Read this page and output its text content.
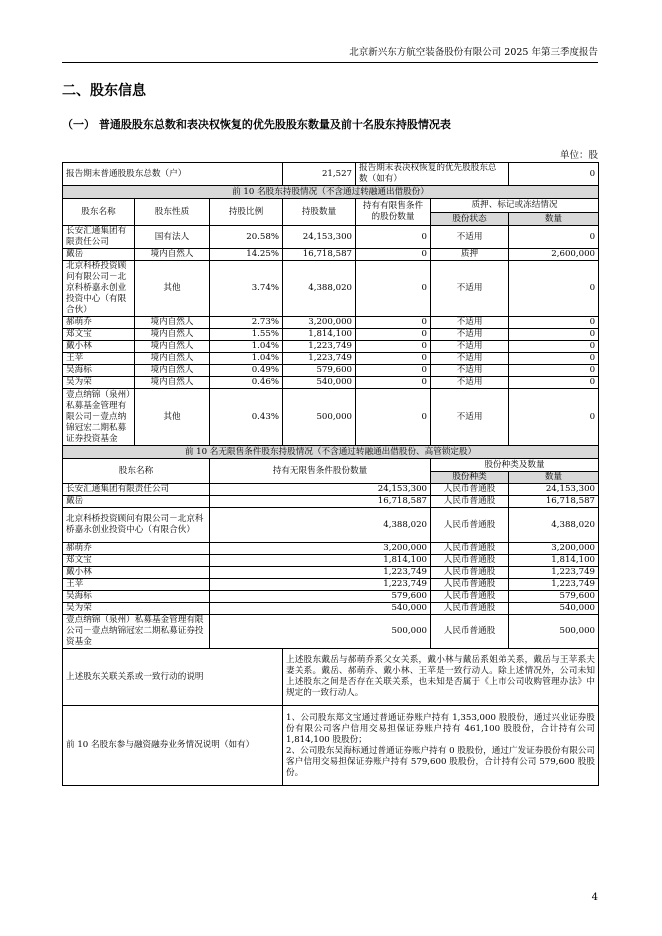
北京新兴东方航空装备股份有限公司 2025 年第三季度报告
二、股东信息
（一） 普通股股东总数和表决权恢复的优先股股东数量及前十名股东持股情况表
单位：股
报告期末普通股股东总数（户）			21,527	报告期末表决权恢复的优先股股东总数（如有）		0
前 10 名股东持股情况（不含通过转融通出借股份）						
股东名称	股东性质	持股比例	持股数量	持有有限售条件的股份数量	质押、标记或冻结情况	
					股份状态	数量
长安汇通集团有限责任公司	国有法人	20.58%	24,153,300	0	不适用	0
戴岳	境内自然人	14.25%	16,718,587	0	质押	2,600,000
北京科桥投资顾问有限公司－北京科桥嘉永创业投资中心（有限合伙）	其他	3.74%	4,388,020	0	不适用	0
郝萌乔	境内自然人	2.73%	3,200,000	0	不适用	0
郑文宝	境内自然人	1.55%	1,814,100	0	不适用	0
戴小林	境内自然人	1.04%	1,223,749	0	不适用	0
王苹	境内自然人	1.04%	1,223,749	0	不适用	0
吴海标	境内自然人	0.49%	579,600	0	不适用	0
吴为荣	境内自然人	0.46%	540,000	0	不适用	0
壹点纳锦（泉州）私募基金管理有限公司－壹点纳锦冠宏二期私募证券投资基金	其他	0.43%	500,000	0	不适用	0
前 10 名无限售条件股东持股情况（不含通过转融通出借股份、高管锁定股）						
股东名称		持有无限售条件股份数量			股份种类及数量	
					股份种类	数量
长安汇通集团有限责任公司		24,153,300			人民币普通股	24,153,300
戴岳		16,718,587			人民币普通股	16,718,587
北京科桥投资顾问有限公司－北京科桥嘉永创业投资中心（有限合伙）		4,388,020			人民币普通股	4,388,020
郝萌乔		3,200,000			人民币普通股	3,200,000
郑文宝		1,814,100			人民币普通股	1,814,100
戴小林		1,223,749			人民币普通股	1,223,749
王苹		1,223,749			人民币普通股	1,223,749
吴海标		579,600			人民币普通股	579,600
吴为荣		540,000			人民币普通股	540,000
壹点纳锦（泉州）私募基金管理有限公司－壹点纳锦冠宏二期私募证券投资基金		500,000			人民币普通股	500,000
上述股东关联关系或一致行动的说明			上述股东戴岳与郝萌乔系父女关系，戴小林与戴岳系姐弟关系，戴岳与王苹系夫妻关系。戴岳、郝萌乔、戴小林、王苹是一致行动人。除上述情况外，公司未知上述股东之间是否存在关联关系，也未知是否属于《上市公司收购管理办法》中规定的一致行动人。			
前 10 名股东参与融资融券业务情况说明（如有）			1、公司股东郑文宝通过普通证券账户持有 1,353,000 股股份，通过兴业证券股份有限公司客户信用交易担保证券账户持有 461,100 股股份，合计持有公司 1,814,100 股股份；
2、公司股东吴海标通过普通证券账户持有 0 股股份，通过广发证券股份有限公司客户信用交易担保证券账户持有 579,600 股股份，合计持有公司 579,600 股股份。			
4
